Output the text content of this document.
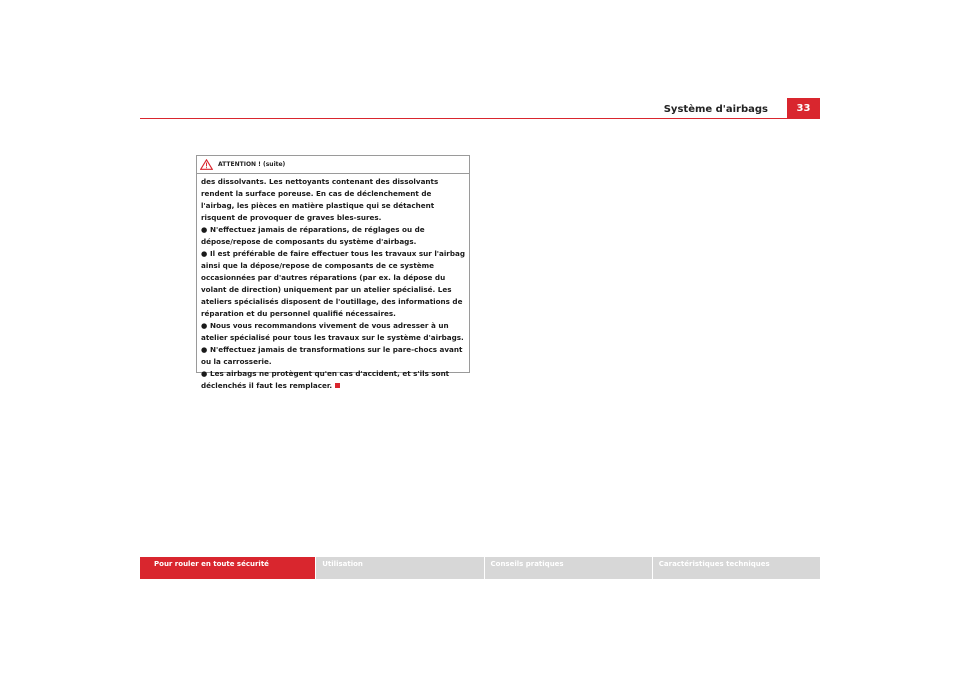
Système d'airbags	33
ATTENTION ! (suite)

des dissolvants. Les nettoyants contenant des dissolvants rendent la surface poreuse. En cas de déclenchement de l'airbag, les pièces en matière plastique qui se détachent risquent de provoquer de graves bles-sures.

● N'effectuez jamais de réparations, de réglages ou de dépose/repose de composants du système d'airbags.

● Il est préférable de faire effectuer tous les travaux sur l'airbag ainsi que la dépose/repose de composants de ce système occasionnées par d'autres réparations (par ex. la dépose du volant de direction) uniquement par un atelier spécialisé. Les ateliers spécialisés disposent de l'outillage, des informations de réparation et du personnel qualifié nécessaires.

● Nous vous recommandons vivement de vous adresser à un atelier spécialisé pour tous les travaux sur le système d'airbags.

● N'effectuez jamais de transformations sur le pare-chocs avant ou la carrosserie.

● Les airbags ne protègent qu'en cas d'accident, et s'ils sont déclenchés il faut les remplacer.

Pour rouler en toute sécurité	Utilisation	Conseils pratiques	Caractéristiques techniques
